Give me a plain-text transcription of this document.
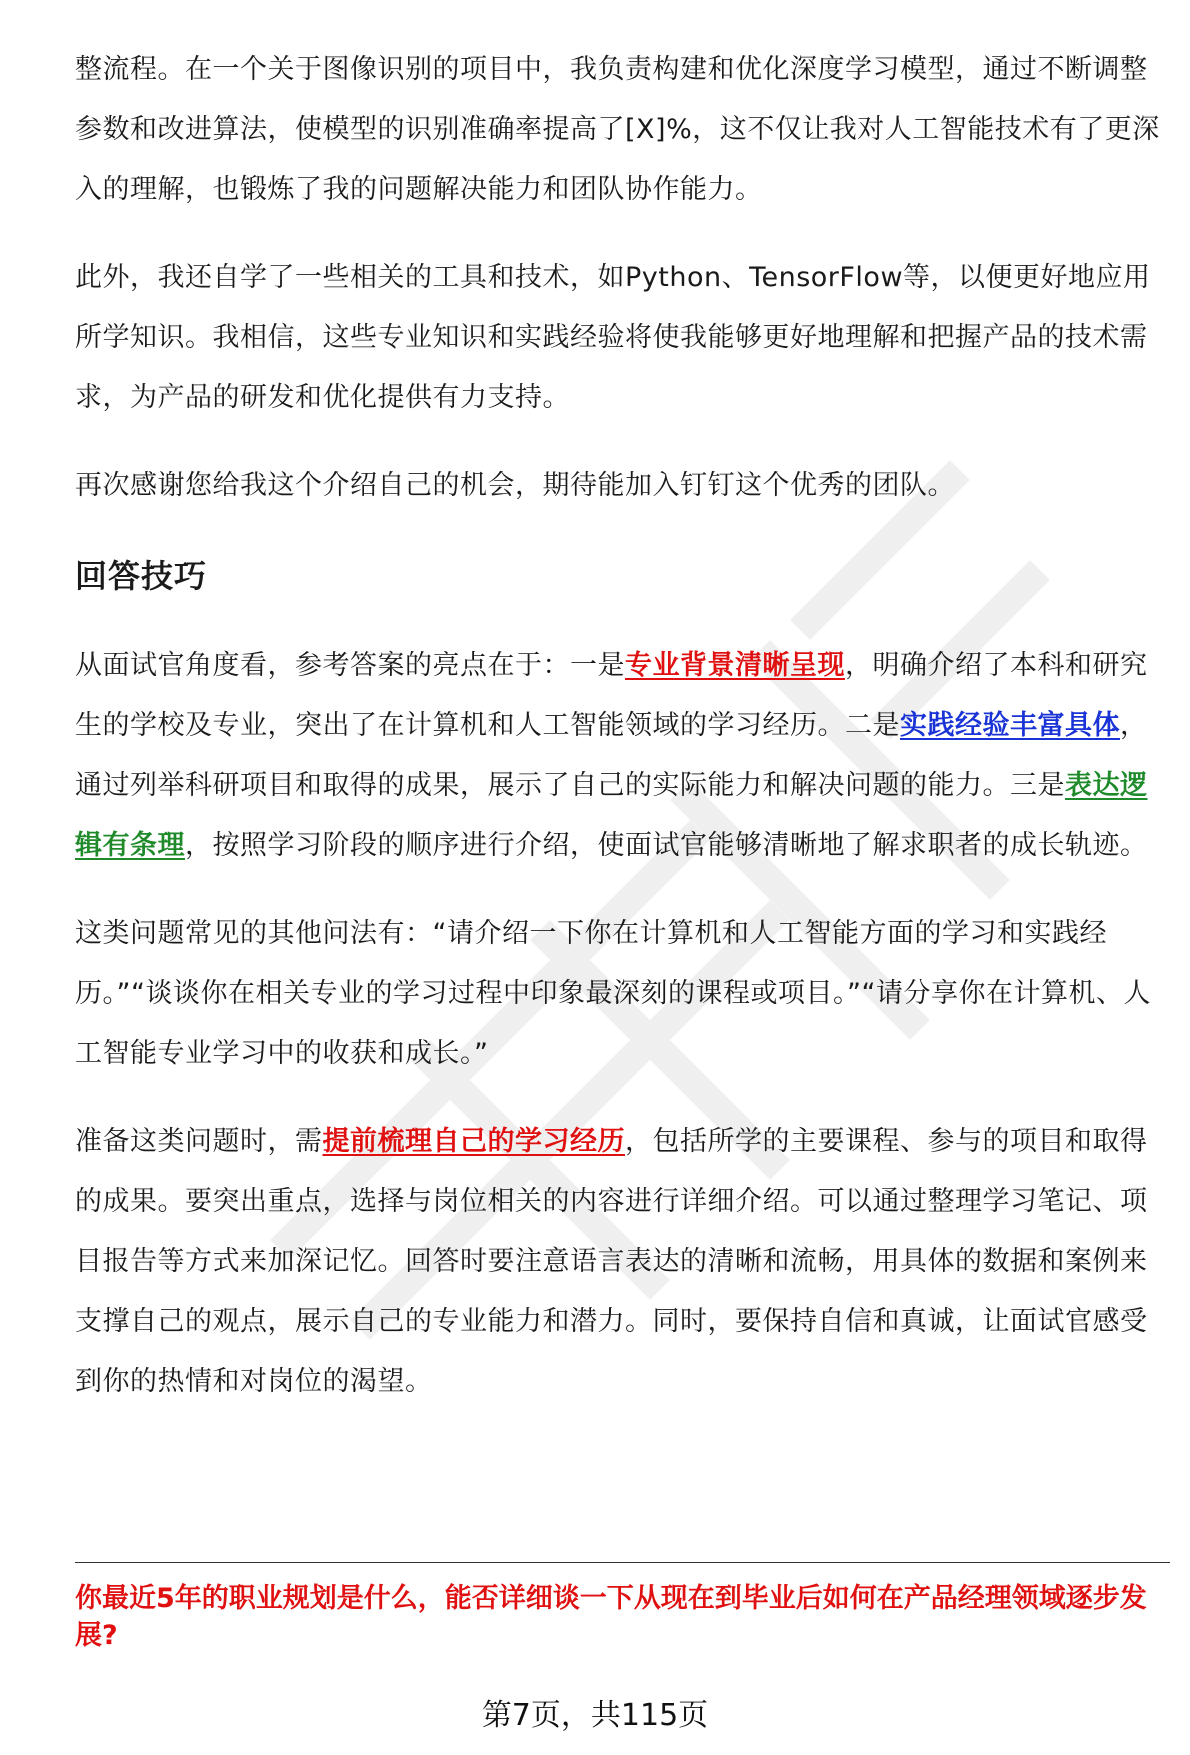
整流程。在一个关于图像识别的项目中，我负责构建和优化深度学习模型，通过不断调整参数和改进算法，使模型的识别准确率提高了[X]%，这不仅让我对人工智能技术有了更深入的理解，也锻炼了我的问题解决能力和团队协作能力。

此外，我还自学了一些相关的工具和技术，如Python、TensorFlow等，以便更好地应用所学知识。我相信，这些专业知识和实践经验将使我能够更好地理解和把握产品的技术需求，为产品的研发和优化提供有力支持。

再次感谢您给我这个介绍自己的机会，期待能加入钉钉这个优秀的团队。

回答技巧

从面试官角度看，参考答案的亮点在于：一是专业背景清晰呈现，明确介绍了本科和研究生的学校及专业，突出了在计算机和人工智能领域的学习经历。二是实践经验丰富具体，通过列举科研项目和取得的成果，展示了自己的实际能力和解决问题的能力。三是表达逻辑有条理，按照学习阶段的顺序进行介绍，使面试官能够清晰地了解求职者的成长轨迹。

这类问题常见的其他问法有：“请介绍一下你在计算机和人工智能方面的学习和实践经历。”“谈谈你在相关专业的学习过程中印象最深刻的课程或项目。”“请分享你在计算机、人工智能专业学习中的收获和成长。”

准备这类问题时，需提前梳理自己的学习经历，包括所学的主要课程、参与的项目和取得的成果。要突出重点，选择与岗位相关的内容进行详细介绍。可以通过整理学习笔记、项目报告等方式来加深记忆。回答时要注意语言表达的清晰和流畅，用具体的数据和案例来支撑自己的观点，展示自己的专业能力和潜力。同时，要保持自信和真诚，让面试官感受到你的热情和对岗位的渴望。

你最近5年的职业规划是什么，能否详细谈一下从现在到毕业后如何在产品经理领域逐步发展?

第7页，共115页
